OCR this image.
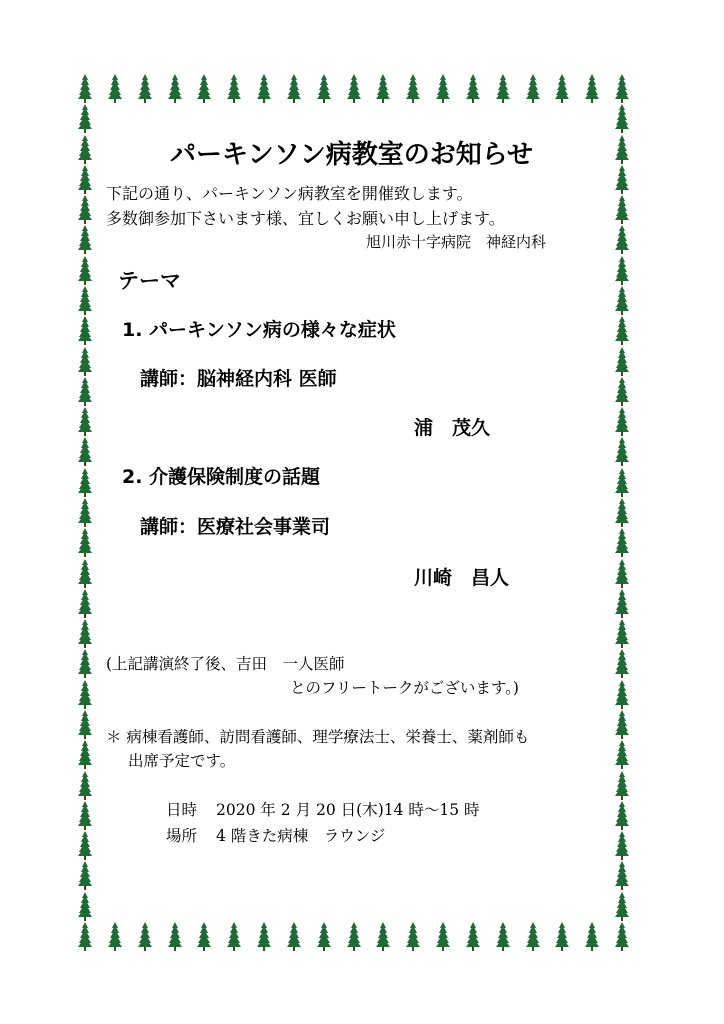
パーキンソン病教室のお知らせ
下記の通り、パーキンソン病教室を開催致します。
多数御参加下さいます様、宜しくお願い申し上げます。
旭川赤十字病院　神経内科
テーマ
1. パーキンソン病の様々な症状
講師：脳神経内科 医師
浦　茂久
2. 介護保険制度の話題
講師：医療社会事業司
川崎　昌人
(上記講演終了後、吉田　一人医師
とのフリートークがございます。)
＊ 病棟看護師、訪問看護師、理学療法士、栄養士、薬剤師も
出席予定です。
日時 2020 年 2 月 20 日(木)14 時～15 時
場所 4 階きた病棟　ラウンジ
